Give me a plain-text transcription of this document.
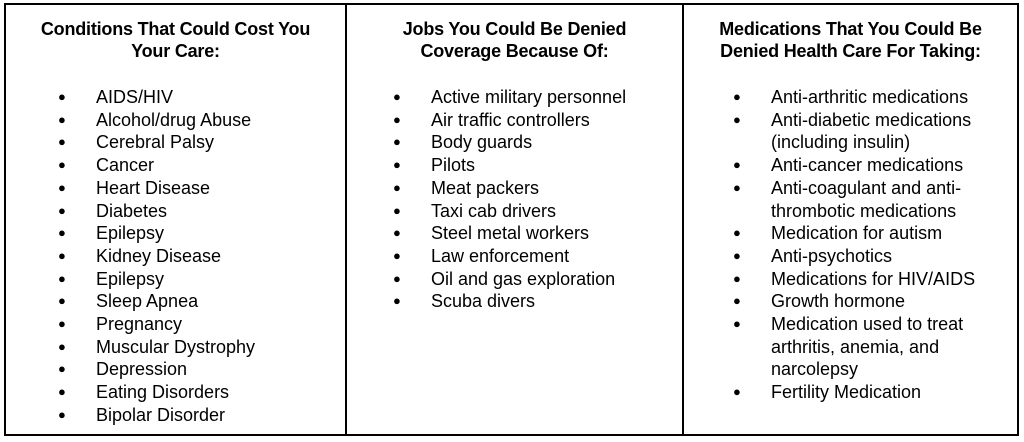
Conditions That Could Cost You Your Care:
● AIDS/HIV
● Alcohol/drug Abuse
● Cerebral Palsy
● Cancer
● Heart Disease
● Diabetes
● Epilepsy
● Kidney Disease
● Epilepsy
● Sleep Apnea
● Pregnancy
● Muscular Dystrophy
● Depression
● Eating Disorders
● Bipolar Disorder
Jobs You Could Be Denied Coverage Because Of:
● Active military personnel
● Air traffic controllers
● Body guards
● Pilots
● Meat packers
● Taxi cab drivers
● Steel metal workers
● Law enforcement
● Oil and gas exploration
● Scuba divers
Medications That You Could Be Denied Health Care For Taking:
● Anti-arthritic medications
● Anti-diabetic medications (including insulin)
● Anti-cancer medications
● Anti-coagulant and anti-thrombotic medications
● Medication for autism
● Anti-psychotics
● Medications for HIV/AIDS
● Growth hormone
● Medication used to treat arthritis, anemia, and narcolepsy
● Fertility Medication
